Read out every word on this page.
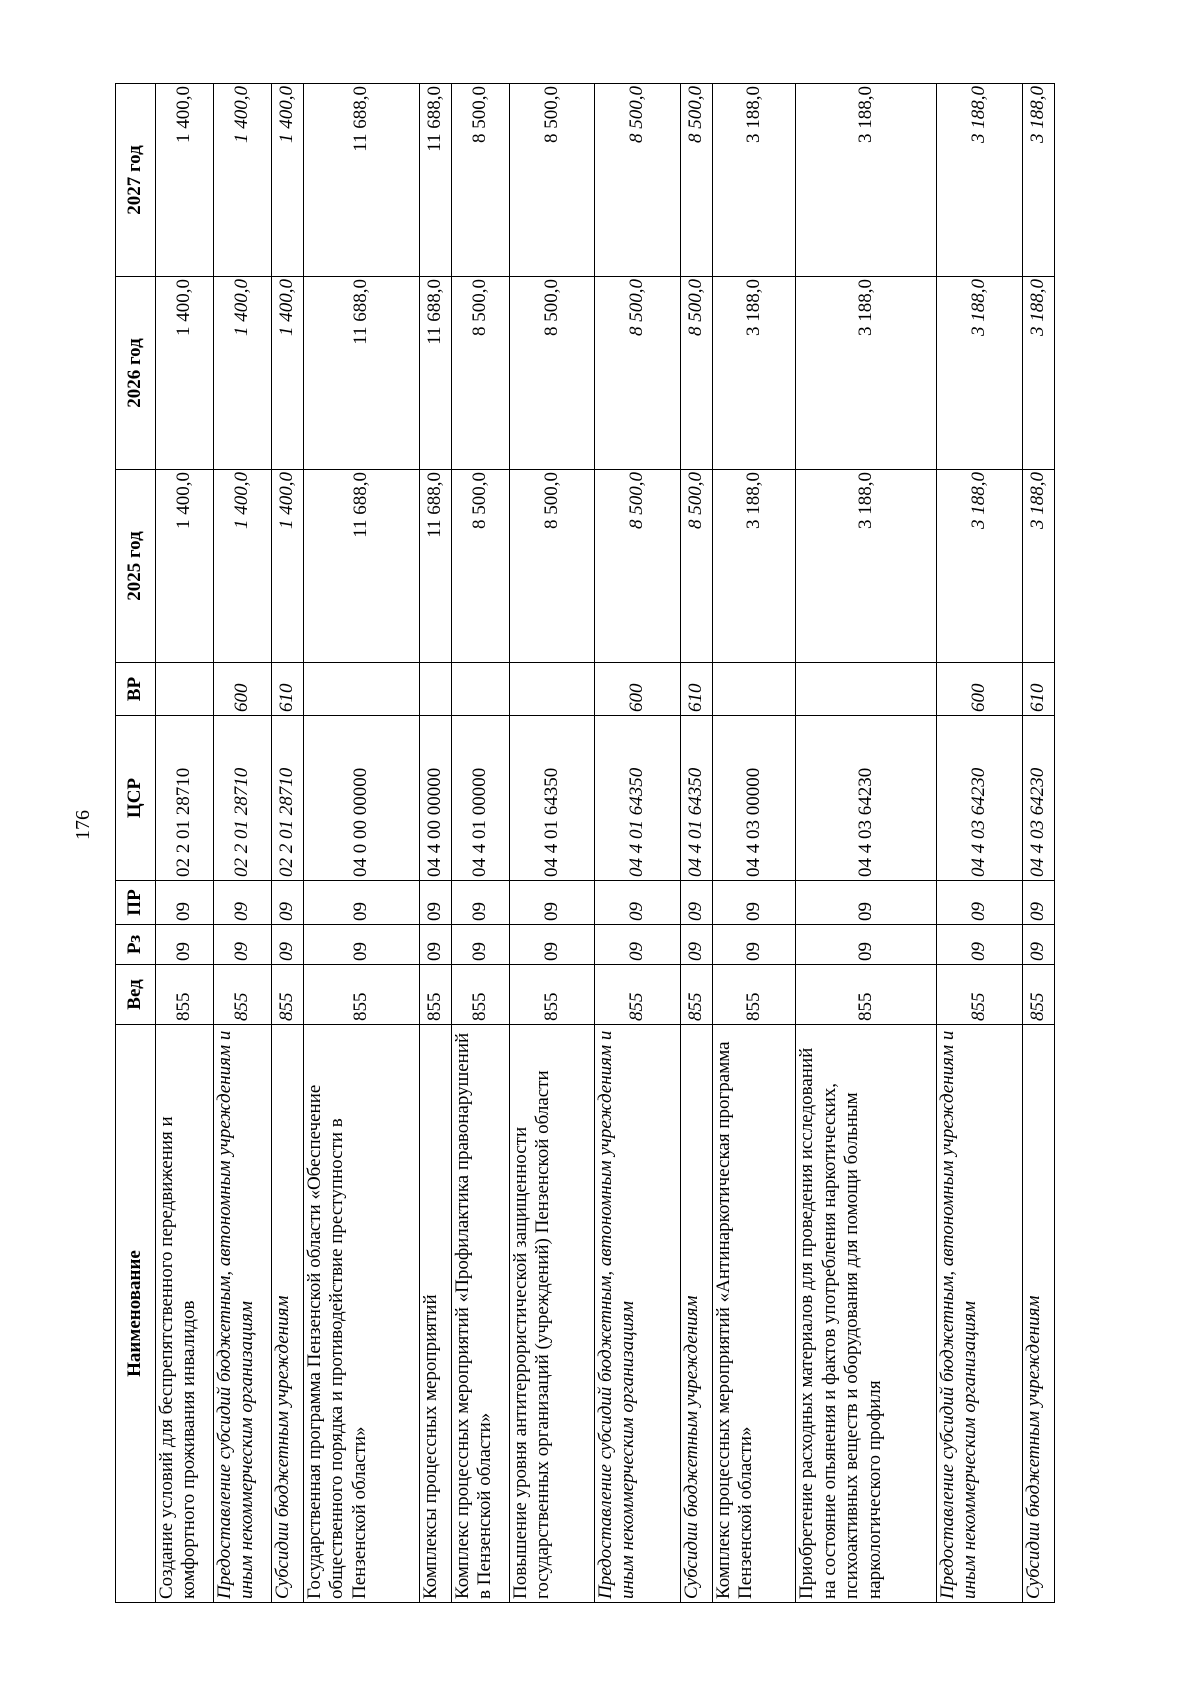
176
Наименование	Вед	Рз	ПР	ЦСР	ВР	2025 год	2026 год	2027 год
Создание условий для беспрепятственного передвижения и комфортного проживания инвалидов	855	09	09	02 2 01 28710		1 400,0	1 400,0	1 400,0
Предоставление субсидий бюджетным, автономным учреждениям и иным некоммерческим организациям	855	09	09	02 2 01 28710	600	1 400,0	1 400,0	1 400,0
Субсидии бюджетным учреждениям	855	09	09	02 2 01 28710	610	1 400,0	1 400,0	1 400,0
Государственная программа Пензенской области «Обеспечение общественного порядка и противодействие преступности в Пензенской области»	855	09	09	04 0 00 00000		11 688,0	11 688,0	11 688,0
Комплексы процессных мероприятий	855	09	09	04 4 00 00000		11 688,0	11 688,0	11 688,0
Комплекс процессных мероприятий «Профилактика правонарушений в Пензенской области»	855	09	09	04 4 01 00000		8 500,0	8 500,0	8 500,0
Повышение уровня антитеррористической защищенности государственных организаций (учреждений) Пензенской области	855	09	09	04 4 01 64350		8 500,0	8 500,0	8 500,0
Предоставление субсидий бюджетным, автономным учреждениям и иным некоммерческим организациям	855	09	09	04 4 01 64350	600	8 500,0	8 500,0	8 500,0
Субсидии бюджетным учреждениям	855	09	09	04 4 01 64350	610	8 500,0	8 500,0	8 500,0
Комплекс процессных мероприятий «Антинаркотическая программа Пензенской области»	855	09	09	04 4 03 00000		3 188,0	3 188,0	3 188,0
Приобретение расходных материалов для проведения исследований на состояние опьянения и фактов употребления наркотических, психоактивных веществ и оборудования для помощи больным наркологического профиля	855	09	09	04 4 03 64230		3 188,0	3 188,0	3 188,0
Предоставление субсидий бюджетным, автономным учреждениям и иным некоммерческим организациям	855	09	09	04 4 03 64230	600	3 188,0	3 188,0	3 188,0
Субсидии бюджетным учреждениям	855	09	09	04 4 03 64230	610	3 188,0	3 188,0	3 188,0
